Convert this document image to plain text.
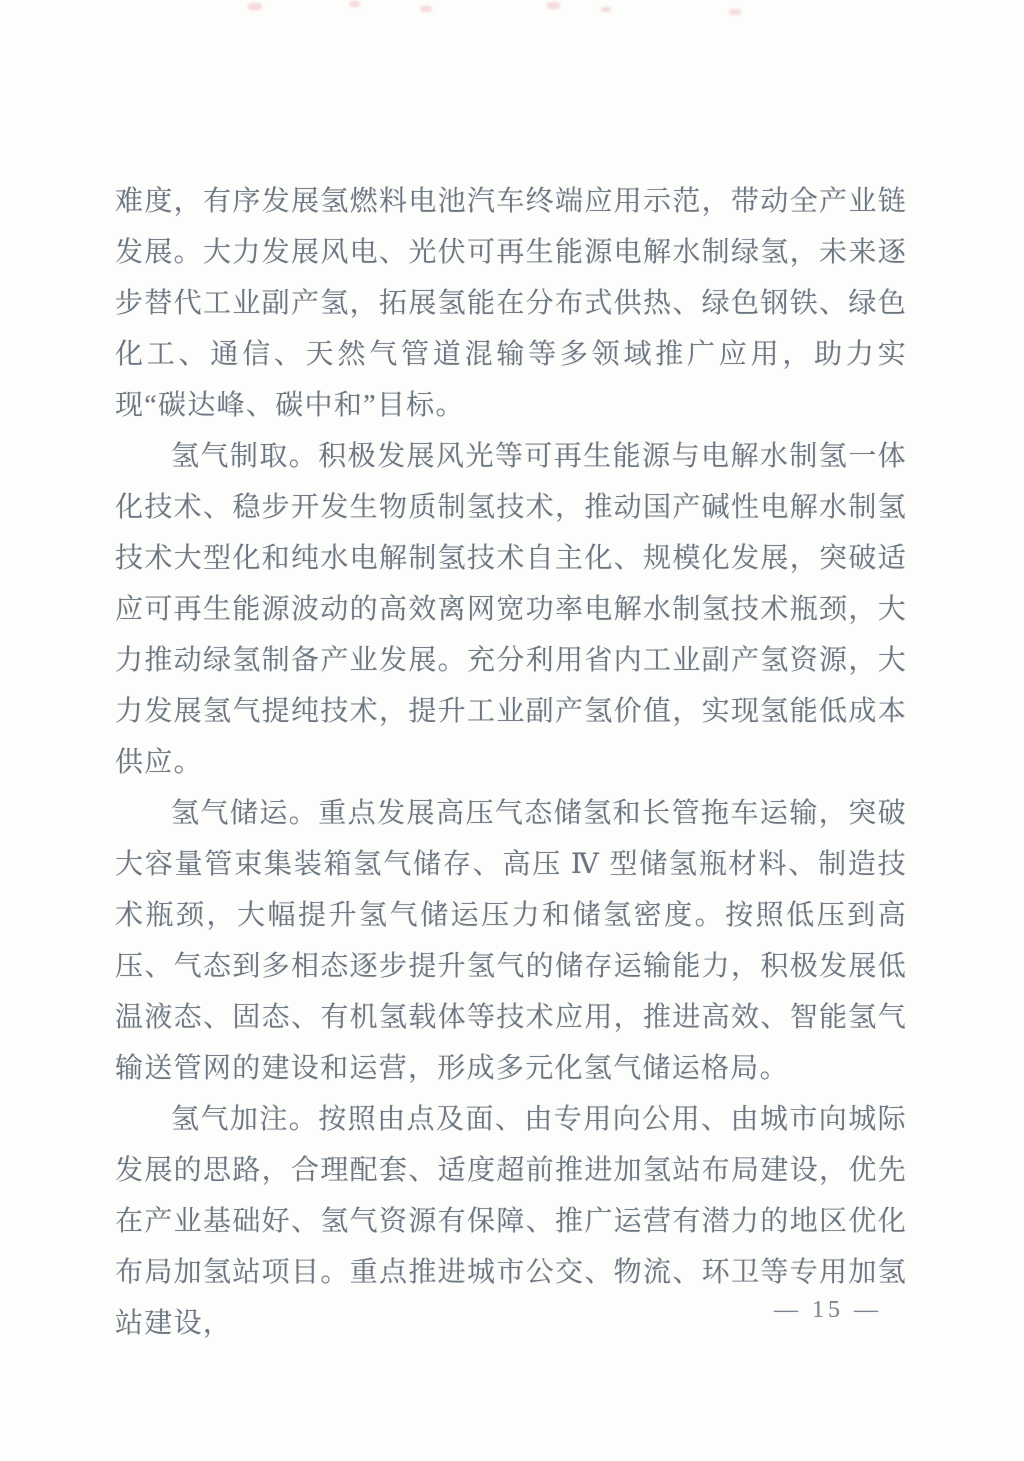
难度，有序发展氢燃料电池汽车终端应用示范，带动全产业链发展。大力发展风电、光伏可再生能源电解水制绿氢，未来逐步替代工业副产氢，拓展氢能在分布式供热、绿色钢铁、绿色化工、通信、天然气管道混输等多领域推广应用，助力实现“碳达峰、碳中和”目标。

氢气制取。积极发展风光等可再生能源与电解水制氢一体化技术、稳步开发生物质制氢技术，推动国产碱性电解水制氢技术大型化和纯水电解制氢技术自主化、规模化发展，突破适应可再生能源波动的高效离网宽功率电解水制氢技术瓶颈，大力推动绿氢制备产业发展。充分利用省内工业副产氢资源，大力发展氢气提纯技术，提升工业副产氢价值，实现氢能低成本供应。

氢气储运。重点发展高压气态储氢和长管拖车运输，突破大容量管束集装箱氢气储存、高压 Ⅳ 型储氢瓶材料、制造技术瓶颈，大幅提升氢气储运压力和储氢密度。按照低压到高压、气态到多相态逐步提升氢气的储存运输能力，积极发展低温液态、固态、有机氢载体等技术应用，推进高效、智能氢气输送管网的建设和运营，形成多元化氢气储运格局。

氢气加注。按照由点及面、由专用向公用、由城市向城际发展的思路，合理配套、适度超前推进加氢站布局建设，优先在产业基础好、氢气资源有保障、推广运营有潜力的地区优化布局加氢站项目。重点推进城市公交、物流、环卫等专用加氢站建设，	— 15 —
